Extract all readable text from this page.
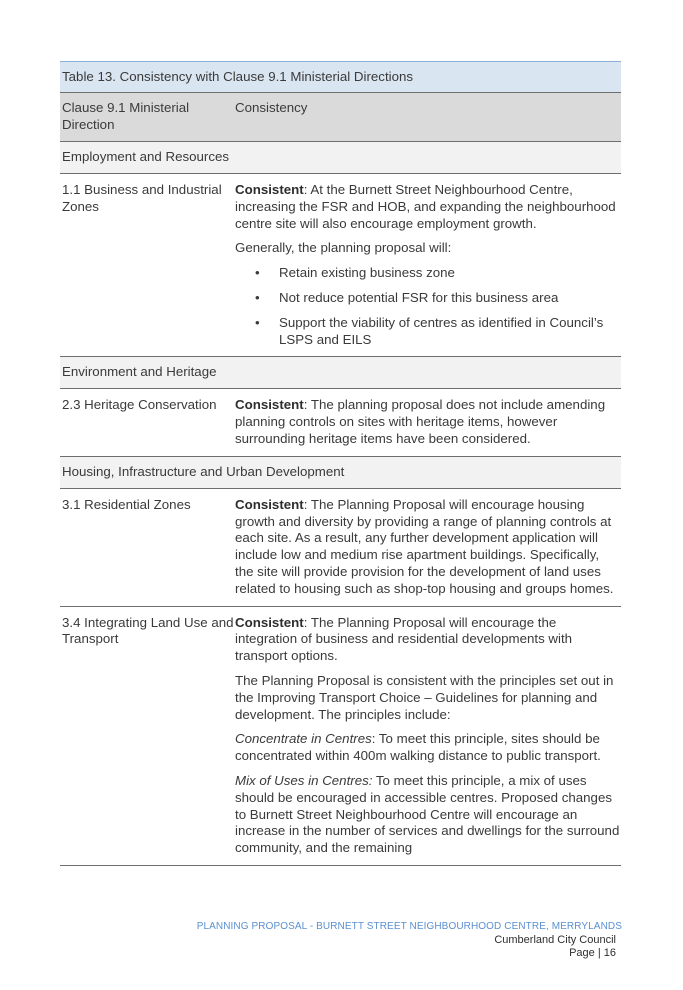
Table 13. Consistency with Clause 9.1 Ministerial Directions
Clause 9.1 Ministerial Direction
Consistency
Employment and Resources
1.1 Business and Industrial Zones

Consistent: At the Burnett Street Neighbourhood Centre, increasing the FSR and HOB, and expanding the neighbourhood centre site will also encourage employment growth.

Generally, the planning proposal will:

• Retain existing business zone
• Not reduce potential FSR for this business area
• Support the viability of centres as identified in Council’s LSPS and EILS
Environment and Heritage
2.3 Heritage Conservation	Consistent: The planning proposal does not include amending planning controls on sites with heritage items, however surrounding heritage items have been considered.

Housing, Infrastructure and Urban Development
3.1 Residential Zones	Consistent: The Planning Proposal will encourage housing growth and diversity by providing a range of planning controls at each site. As a result, any further development application will include low and medium rise apartment buildings. Specifically, the site will provide provision for the development of land uses related to housing such as shop-top housing and groups homes.

3.4 Integrating Land Use and Transport

Consistent: The Planning Proposal will encourage the integration of business and residential developments with transport options.

The Planning Proposal is consistent with the principles set out in the Improving Transport Choice – Guidelines for planning and development. The principles include:

Concentrate in Centres: To meet this principle, sites should be concentrated within 400m walking distance to public transport.

Mix of Uses in Centres: To meet this principle, a mix of uses should be encouraged in accessible centres. Proposed changes to Burnett Street Neighbourhood Centre will encourage an increase in the number of services and dwellings for the surround community, and the remaining

PLANNING PROPOSAL - BURNETT STREET NEIGHBOURHOOD CENTRE, MERRYLANDS
Cumberland City Council
Page | 16
